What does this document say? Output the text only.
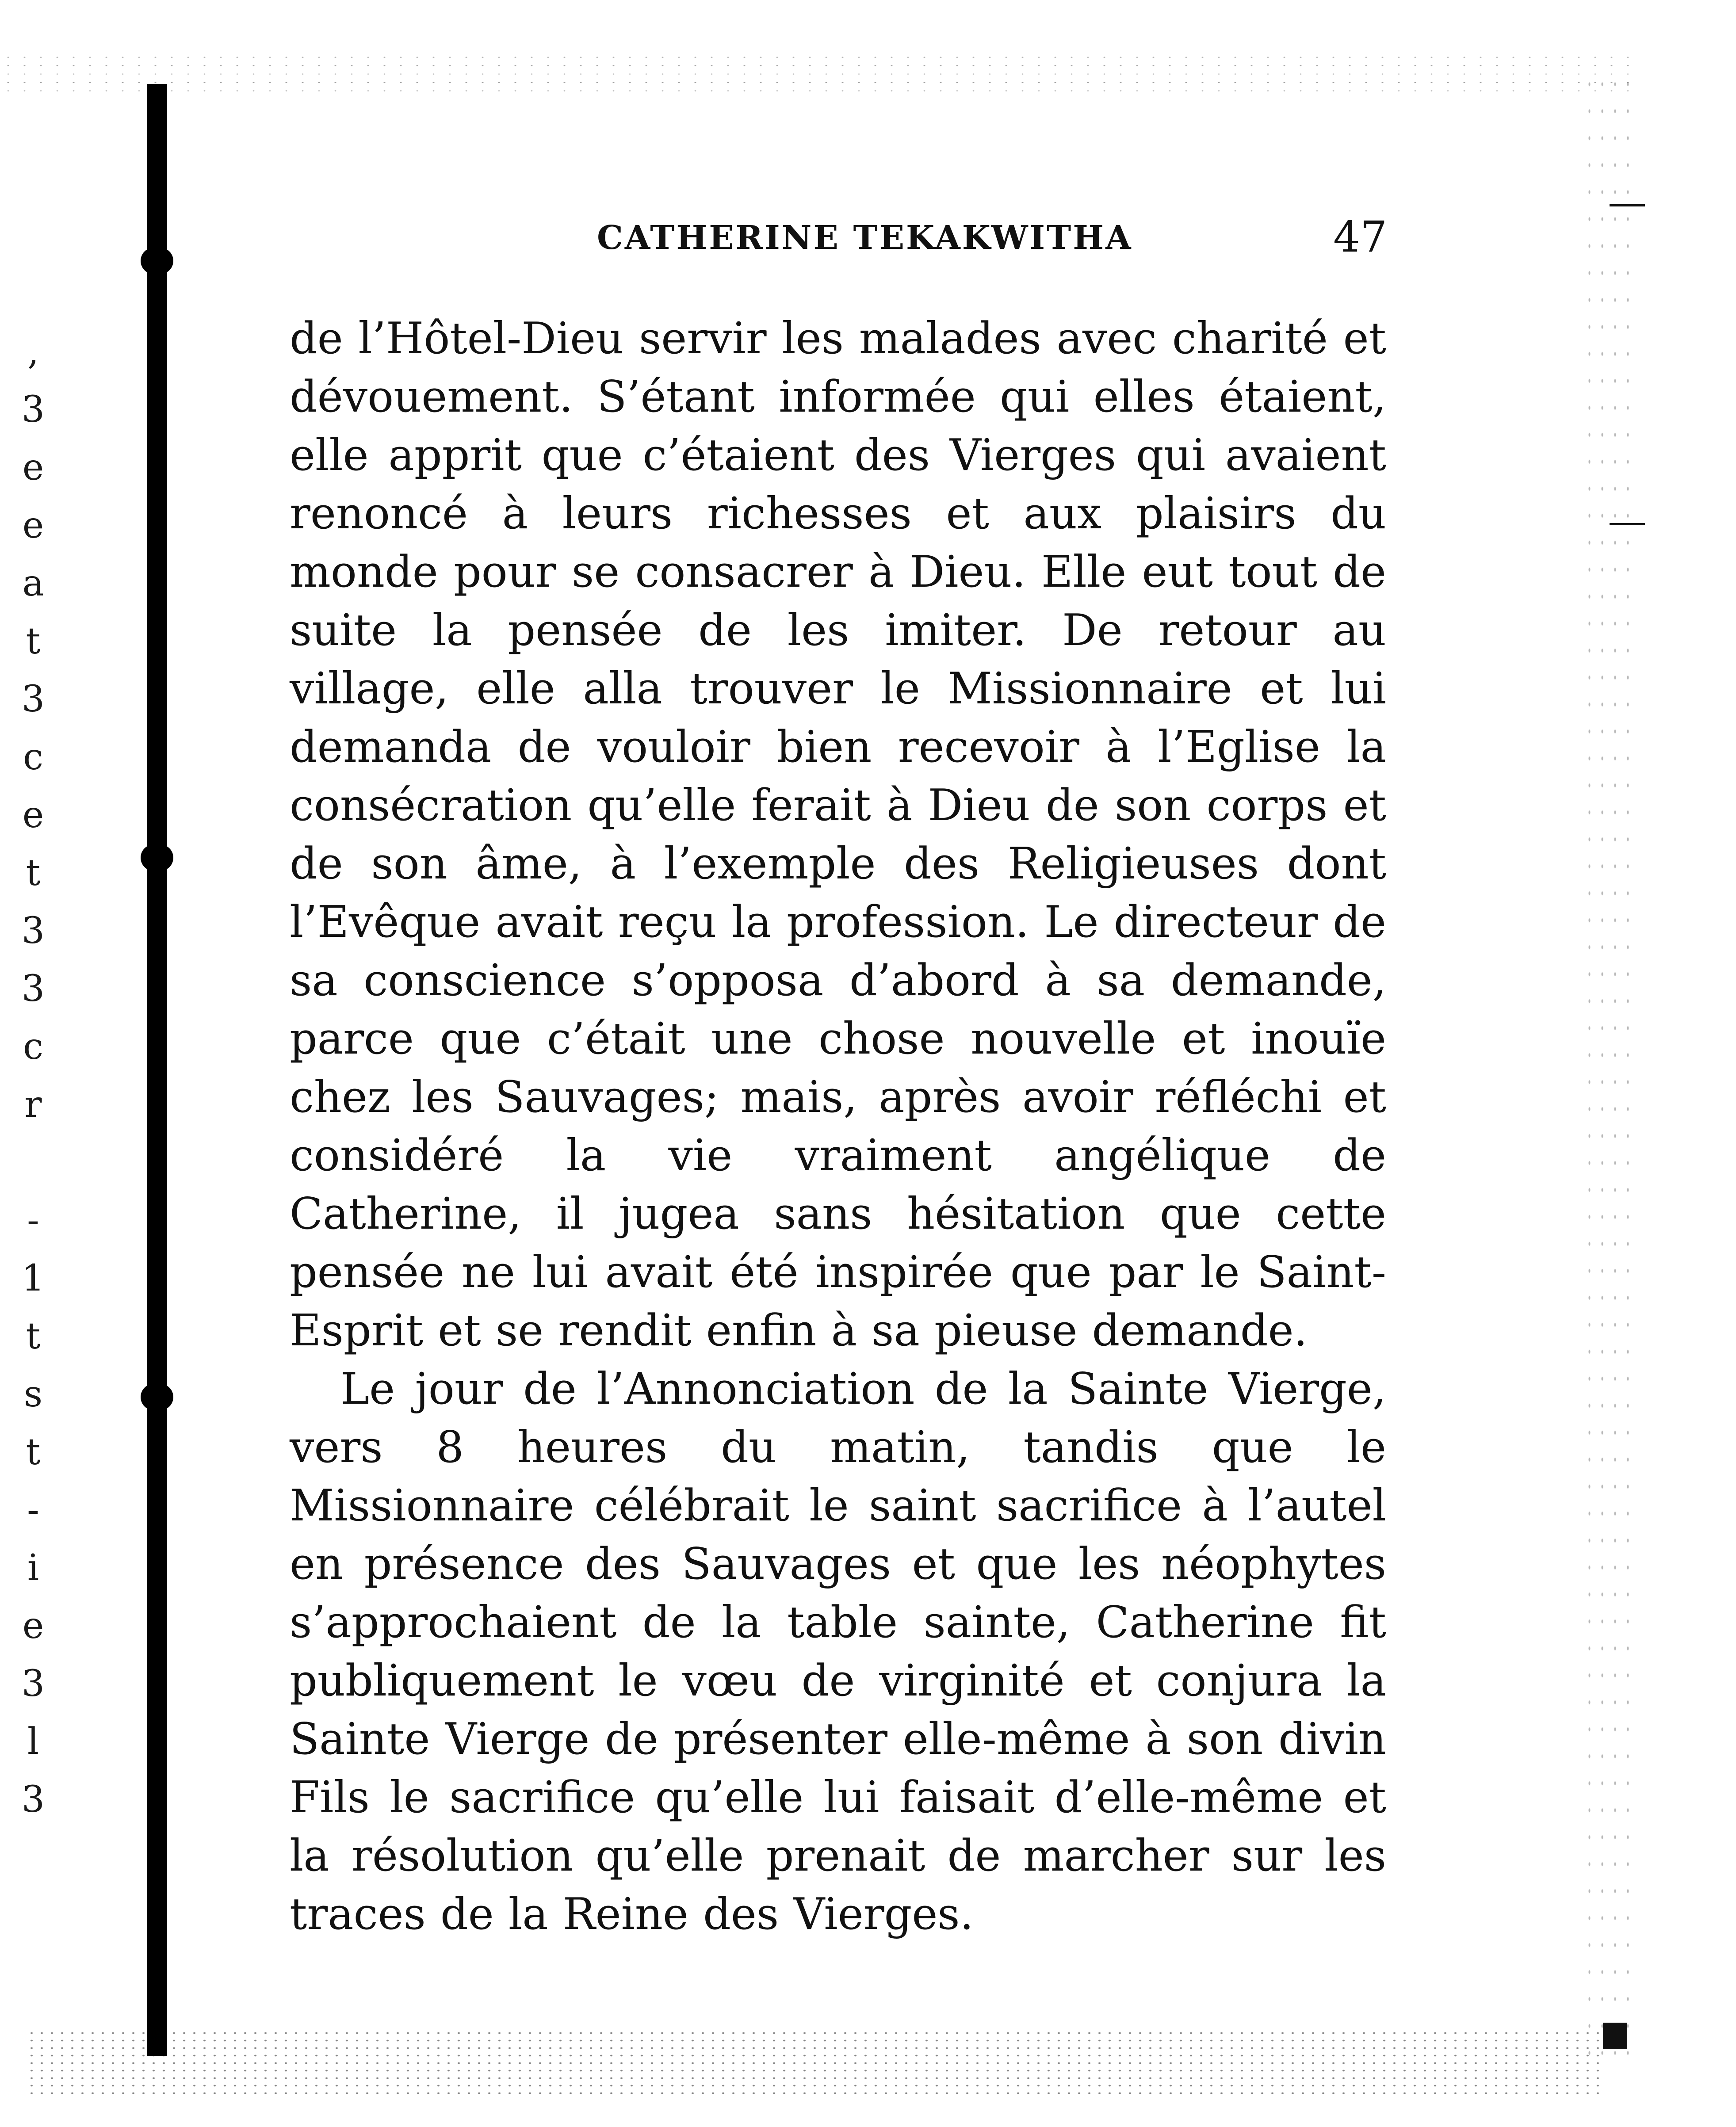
,
3
e
e
a
t
3
c
e
t
3
3
c
r
-
1
t
s
t
-
i
e
3
l
3
CATHERINE TEKAKWITHA	47

de l’Hôtel-Dieu servir les malades avec charité et dévouement. S’étant informée qui elles étaient, elle apprit que c’étaient des Vierges qui avaient renoncé à leurs richesses et aux plaisirs du monde pour se consacrer à Dieu. Elle eut tout de suite la pensée de les imiter. De retour au village, elle alla trouver le Missionnaire et lui demanda de vouloir bien recevoir à l’Eglise la consécration qu’elle ferait à Dieu de son corps et de son âme, à l’exemple des Religieuses dont l’Evêque avait reçu la profession. Le directeur de sa conscience s’opposa d’abord à sa demande, parce que c’était une chose nouvelle et inouïe chez les Sauvages; mais, après avoir réfléchi et considéré la vie vraiment angélique de Catherine, il jugea sans hésitation que cette pensée ne lui avait été inspirée que par le Saint-Esprit et se rendit enfin à sa pieuse demande.

Le jour de l’Annonciation de la Sainte Vierge, vers 8 heures du matin, tandis que le Missionnaire célébrait le saint sacrifice à l’autel en présence des Sauvages et que les néophytes s’approchaient de la table sainte, Catherine fit publiquement le vœu de virginité et conjura la Sainte Vierge de présenter elle-même à son divin Fils le sacrifice qu’elle lui faisait d’elle-même et la résolution qu’elle prenait de marcher sur les traces de la Reine des Vierges.
